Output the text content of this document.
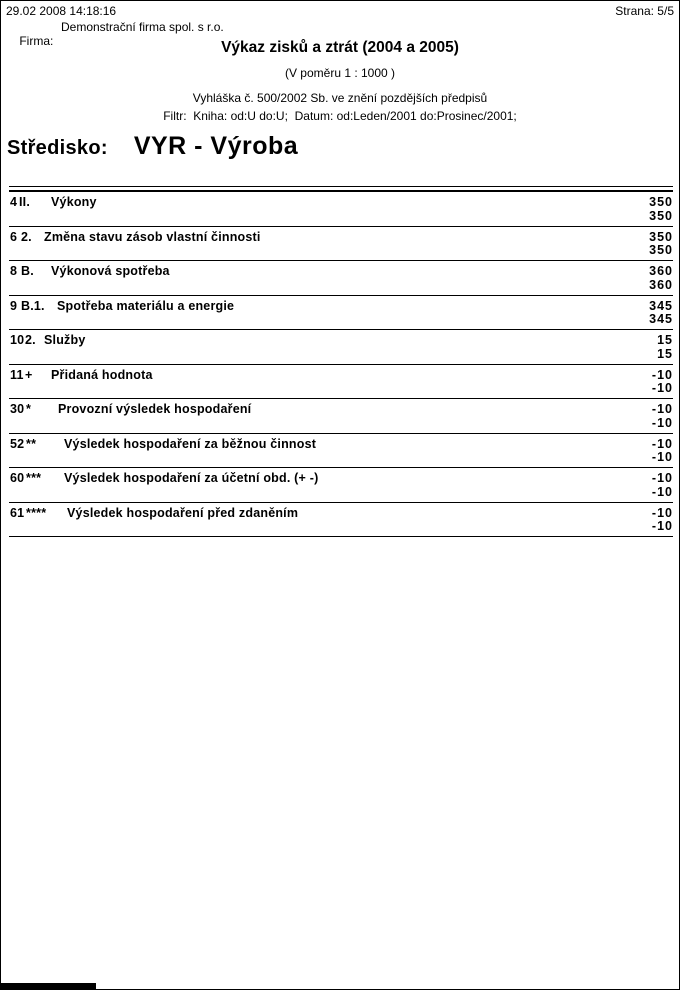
29.02 2008 14:18:16	Strana: 5/5

Firma:

Demonstrační firma spol. s r.o.

Výkaz zisků a ztrát (2004 a 2005)
(V poměru 1 : 1000 )
Vyhláška č. 500/2002 Sb. ve znění pozdějších předpisů
Filtr:  Kniha: od:U do:U;  Datum: od:Leden/2001 do:Prosinec/2001;
Středisko: VYR - Výroba
4 II. Výkony	350
350
6 2. Změna stavu zásob vlastní činnosti	350
350
8 B. Výkonová spotřeba	360
360
9 B.1. Spotřeba materiálu a energie	345
345
10 2. Služby	15
15
11 + Přidaná hodnota	-10
-10
30 * Provozní výsledek hospodaření	-10
-10
52 ** Výsledek hospodaření za běžnou činnost	-10
-10
60 *** Výsledek hospodaření za účetní obd. (+ -)	-10
-10
61 **** Výsledek hospodaření před zdaněním	-10
-10
